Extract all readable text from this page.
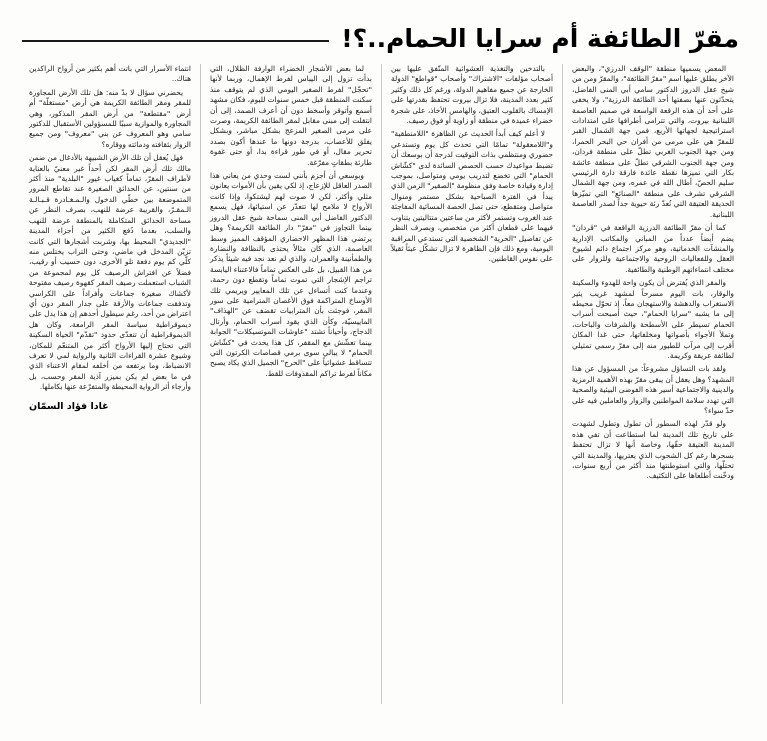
مقرّ الطائفة أم سرايا الحمام..؟!

المعض يسميها منطقة "الوقف الدرزي"، والبعض الآخر يطلق عليها اسم "مقرّ الطائفة"، والمقرّ ومن من شيخ عقل الدروز الدكتور سامي أبي المنى الفاضل، يتحدّثون عنها بصفتها أحد الطائفة الدرزية"، ولا يخفى على أحد أن هذه الرقعة الواسعة في صميم العاصمة اللبنانية بيروت، والتي تترامى أطرافها على امتدادات استراتيجية لجهاتها الأربع، فمن جهة الشمال القبر للمقرّ هي على مرمى من أفران حي البحر الحمرا، ومن جهة الجنوب الغربي تطلّ على منطقة فردان، ومن جهة الجنوب الشرقي تطلّ على منطقة عائشة بكار التي تميزها نقطة عائدة فارقة دارة الرئيسي سليم الحصّ، أطال الله في عمره، ومن جهة الشمال الشرقي تشرف على منطقة "الصنائع" التي تميّزها الحديقة العتيقة التي تُعدّ رئة حيوية جداً لصدر العاصمة اللبنانية.

كما أن مقرّ الطائفة الدرزية الواقعة في "ڤردان" يضم أيضاً عدداً من المباني والمكاتب الإدارية والمنشآت الخدماتية، وهو مركز اجتماع دائم لشيوخ العقل وللفعاليات الروحية والاجتماعية وللزوار على مختلف انتماءاتهم الوطنية والطائفية.

والمقر الذي يُفترض أن يكون واحة للهدوء والسكينة والوقار، بات اليوم مسرحاً لمشهد غريب يثير الاستغراب والدهشة والاستهجان معاً، إذ تحوّل محيطه إلى ما يشبه "سرايا الحمام"، حيث أصبحت أسراب الحمام تسيطر على الأسطحة والشرفات والباحات، وتملأ الأجواء بأصواتها ومخلفاتها، حتى غدا المكان أقرب إلى مرآب للطيور منه إلى مقرّ رسمي تمثيلي لطائفة عريقة وكريمة.

ولقد بات التساؤل مشروعاً: من المسؤول عن هذا المشهد؟ وهل يعقل أن يبقى مقرّ بهذه الأهمية الرمزية والدينية والاجتماعية أسير هذه الفوضى البيئية والصحية التي تهدد سلامة المواطنين والزوار والعاملين فيه على حدّ سواء؟

ولو قدّر لهذه السطور أن تطول وتطول لشهدت على تاريخ تلك المدينة لما استطاعت أن تفي هذه المدينة العتيقة حقّها، وخاصة أنها لا تزال تحتفظ بسحرها رغم كل الشحوب الذي يعتريها، والمدينة التي تحتلّها، والتي استوطنتها منذ أكثر من أربع سنوات، ودخّنت أطلعاها على التكثيف.

بالتدخين والتغذية العشوائية المتّفق عليها بين أصحاب مؤلفات "الاشتراك" وأصحاب "قواطع" الدولة الخارجة عن جميع مفاهيم الدولة، ورغم كل ذلك وكثير كثير بعدد المدينة، فلا تزال بيروت تحتفظ بقدرتها على الإمساك بالقلوب العتيق، والهامس الأخاذ، على شجرة خضراء عميدة في منطقة أو زاوية أو فوق رصيف.

لا أعلم كيف أبدأ الحديث عن الظاهرة "اللامنطقية" و"اللامعقولة" تمامًا التي تحدث كل يوم وتستدعي حضوري ومنتظمي بذات التوقيت لدرجة أن بوسعك أن تضبط مواعيدك حسب الحصص السائدة لدى "كشّاش الحمام" التي تخضع لتدريب يومي ومتواصل، بموجب إدارة وقيادة خاصة وفق منظومة "الصقير" الزمن الذي يبدأ في الفترة الصباحية بشكل مستمر ومنوال متواصل ومتقطع، حتى تصل الحصة المسائية المفاجئة عند الغروب وتستمر لأكثر من ساعتين متتاليتين يتناوب فيهما على قطعان أكثر من متخصص، وبصرف النظر عن تفاصيل "الحرية" الشخصية التي تستدعي المراقبة اليومية، ومع ذلك فإن الظاهرة لا تزال تشكّل عبئاً ثقيلاً على نفوس القاطنين.

لما بعض الأشجار الخضراء الوارفة الظلال، التي بدأت تزول إلى اليباس لفرط الإهمال، وربما لأنها "تحجّل" لفرط الصغير اليومي الذي لم يتوقف منذ سكنت المنطقة قبل خمس سنوات لليوم، فكان مشهد أسمع وأتوقر وأسخط دون أن أعرف الصمد، إلى أن انتقلت إلى مبنى مقابل لمقر الطائفة الكريمة، وصرت على مرمى الصغير المزعج بشكل مباشر، وبشكل يفلق للأعصاب، بدرجة دونها ما عندها أكون بصدد تحرير مقال، أو في طور قراءة بدا، أو حتى غفوة طارئة بطقاتٍ مفرّغة.

وبوسعي أن أجزم بأنني لست وحدي من يعاني هذا الصدر العاقل للإزعاج، إذ لكي يقين بأن الأموات يعانون مثلي وأكثر، لكن لا صوت لهم ليشتكوا، وإذا كانت الأرواح لا ملامح لها تتعدّر عن استيائها، فهل يسمع الدكتور الفاضل أبي المنى سماحة شيخ عقل الدروز بينما التجاوز في "مقرّ" دار الطائفة الكريمة؟ وهل يرتضي هذا المظهر الاحضاري المؤقف المميز وسط العاصمة، الذي كان مثالاً يحتذى بالنظافة والنضارة والطمأنينة والعمران، والذي لم نعد نجد فيه شيئاً يذكر من هذا القبيل، بل على العكس تماماً فالاعتناء اليابسة تراجم الإشجار التي تموت تماماً وتقطع دون رحمة، وعندما كنت أتساءل عن تلك المعايير ويريمي تلك الأوساخ المتراكمة فوق الأغصان المترامية على سور المقر، فوجئت بأن المترابيات تقضف عن "الهذاف" الماييسيّة، وكأن الذي يقود أسراب الحمام، وأرتال الدجاج، وأحياناً تشتد "عاوشات الموتسيكلات" الجوابة بينما تعشّش مع المقفر، كل هذا يحدث في "كشّاش الحمام" لا يبالي سوى برمي قصاصات الكرتون التي تتساقط عشوائياً على "الحرج" الجميل الذي يكاد يصبح مكاناً لفرط تراكم المقذوفات للقط.

انتماء الأسرار التي باتت أهم بكثير من أرواح الراكدين هناك..

يحضرني سؤال لا بدّ منه: هل تلك الأرض المجاورة للمقر ومقر الطائفة الكريمة هي أرض "مستغلّة" أم أرض "مقتطعة" من أرض المقر المذكور، وهي المجاورة والموازية سببًا للمسؤولين الأستقبال للدكتور سامي وهو المعروف عن بني "معروف" ومن جميع الزوار بثقافته ودماثته ووقاره؟

فهل يُعقل أن تلك الأرض الشبيهة بالأدغال من ضمن مالك تلك أرض المقر لكن أحداً غير معنيّ بالعناية لأطراف المقرّ، تماماً كغياب غيور "البلدية" منذ أكثر من سنتين، عن الحدائق الصغيرة عند تقاطع المرور المتموضعة بين خطّي الدخول والـمـغـادرة قـبـالـة الـمقـرّ، والقريبة عرضة للنهب، بصرف النظر عن مساحة الحدائق المتكاملة بالمنطقة عرضة للنهب والسلب، بعدما دُفع الكثير من أجزاء المدينة "الجديدي" المحيط بها، وشربت أشجارها التي كانت تزيّن المدخل في ماضي، وحتى التراب يختلس منه كلّي كم يوم دفعة تلو الأخرى، دون حسيب أو رقيب، فضلاً عن افتراش الرصيف كل يوم لمجموعة من الشباب استعملت رصيف المقر كقهوة رصيف مفتوحة لأكشاك صغيرة جماعات وأفراداً على الكراسي وتدفقت جماعات والأزقة على جدار المقر دون أي اعتراض من أحد، رغم سيطول أحدهم إن هذا يدل على ديموقراطية سياسة المقر الرامعة، وكان هل الديموقراطية أن تتعدّى حدود "تقدّم" الحياة السكينة التي تحتاج إليها الأرواح أكثر من المتنعّم للمكان، وشيوع عشرة القراءات الثانية والرواية لمي لا تعرف الانضباط، وما يرتفعه من أخلفه لمقام الاعتناء الذي في ما بعض لم يكن بميزر آذية المقر وحسب، بل وأرجاء أثر الرواية المحيطة والمتفرّعة عنها بكاملها.

غادا فؤاد السمّان
